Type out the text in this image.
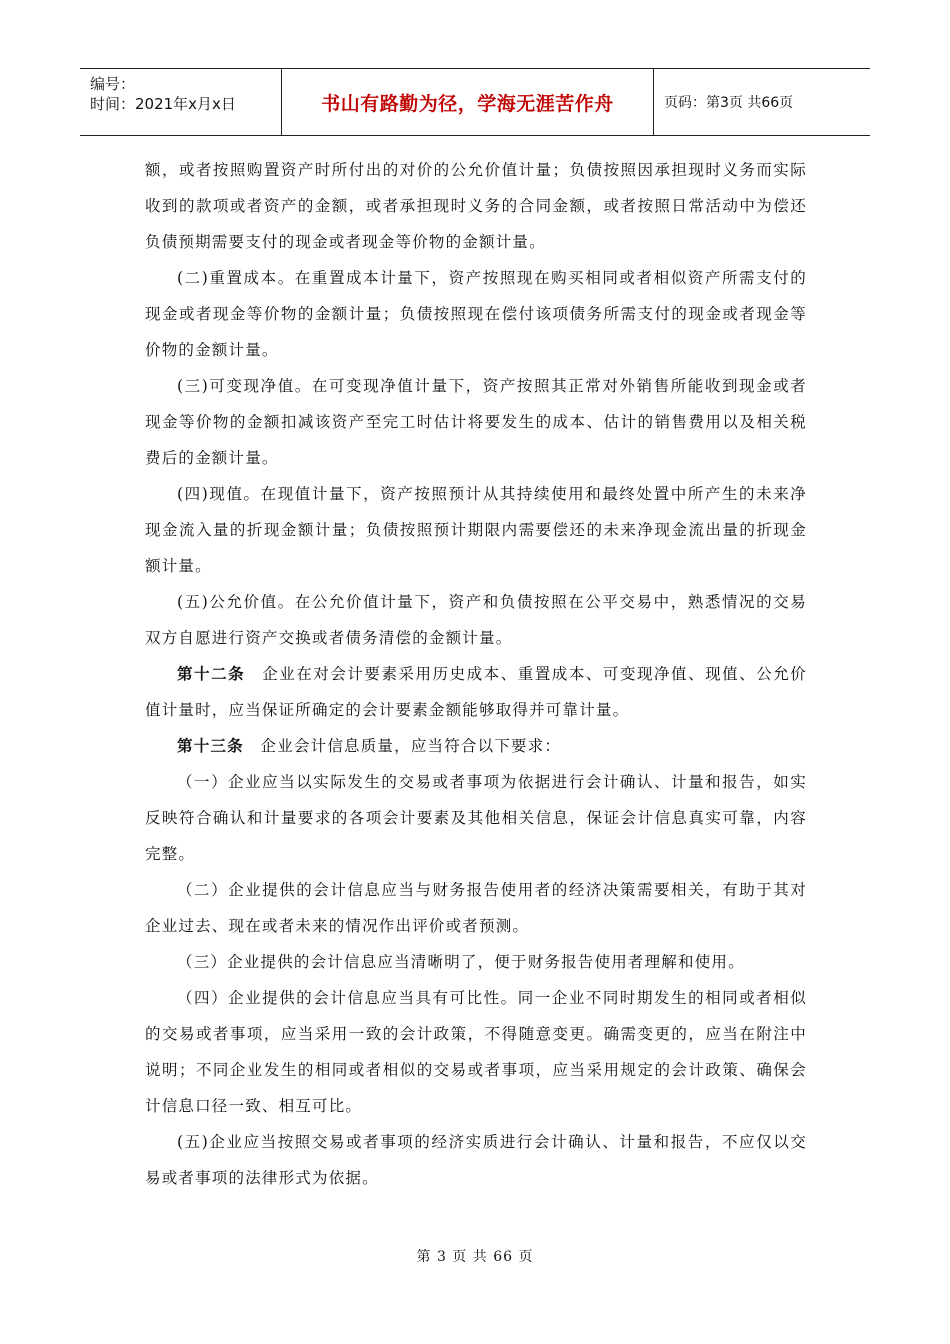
编号：
时间：2021年x月x日	书山有路勤为径，学海无涯苦作舟	页码：第3页 共66页

额，或者按照购置资产时所付出的对价的公允价值计量；负债按照因承担现时义务而实际收到的款项或者资产的金额，或者承担现时义务的合同金额，或者按照日常活动中为偿还负债预期需要支付的现金或者现金等价物的金额计量。

(二)重置成本。在重置成本计量下，资产按照现在购买相同或者相似资产所需支付的现金或者现金等价物的金额计量；负债按照现在偿付该项债务所需支付的现金或者现金等价物的金额计量。

(三)可变现净值。在可变现净值计量下，资产按照其正常对外销售所能收到现金或者现金等价物的金额扣减该资产至完工时估计将要发生的成本、估计的销售费用以及相关税费后的金额计量。

(四)现值。在现值计量下，资产按照预计从其持续使用和最终处置中所产生的未来净现金流入量的折现金额计量；负债按照预计期限内需要偿还的未来净现金流出量的折现金额计量。

(五)公允价值。在公允价值计量下，资产和负债按照在公平交易中，熟悉情况的交易双方自愿进行资产交换或者债务清偿的金额计量。

第十二条　 企业在对会计要素采用历史成本、重置成本、可变现净值、现值、公允价值计量时，应当保证所确定的会计要素金额能够取得并可靠计量。

第十三条　 企业会计信息质量，应当符合以下要求：

（一）企业应当以实际发生的交易或者事项为依据进行会计确认、计量和报告，如实反映符合确认和计量要求的各项会计要素及其他相关信息，保证会计信息真实可靠，内容完整。

（二）企业提供的会计信息应当与财务报告使用者的经济决策需要相关，有助于其对企业过去、现在或者未来的情况作出评价或者预测。

（三）企业提供的会计信息应当清晰明了，便于财务报告使用者理解和使用。

（四）企业提供的会计信息应当具有可比性。同一企业不同时期发生的相同或者相似的交易或者事项，应当采用一致的会计政策，不得随意变更。确需变更的，应当在附注中说明；不同企业发生的相同或者相似的交易或者事项，应当采用规定的会计政策、确保会计信息口径一致、相互可比。

(五)企业应当按照交易或者事项的经济实质进行会计确认、计量和报告，不应仅以交易或者事项的法律形式为依据。

第 3 页 共 66 页
